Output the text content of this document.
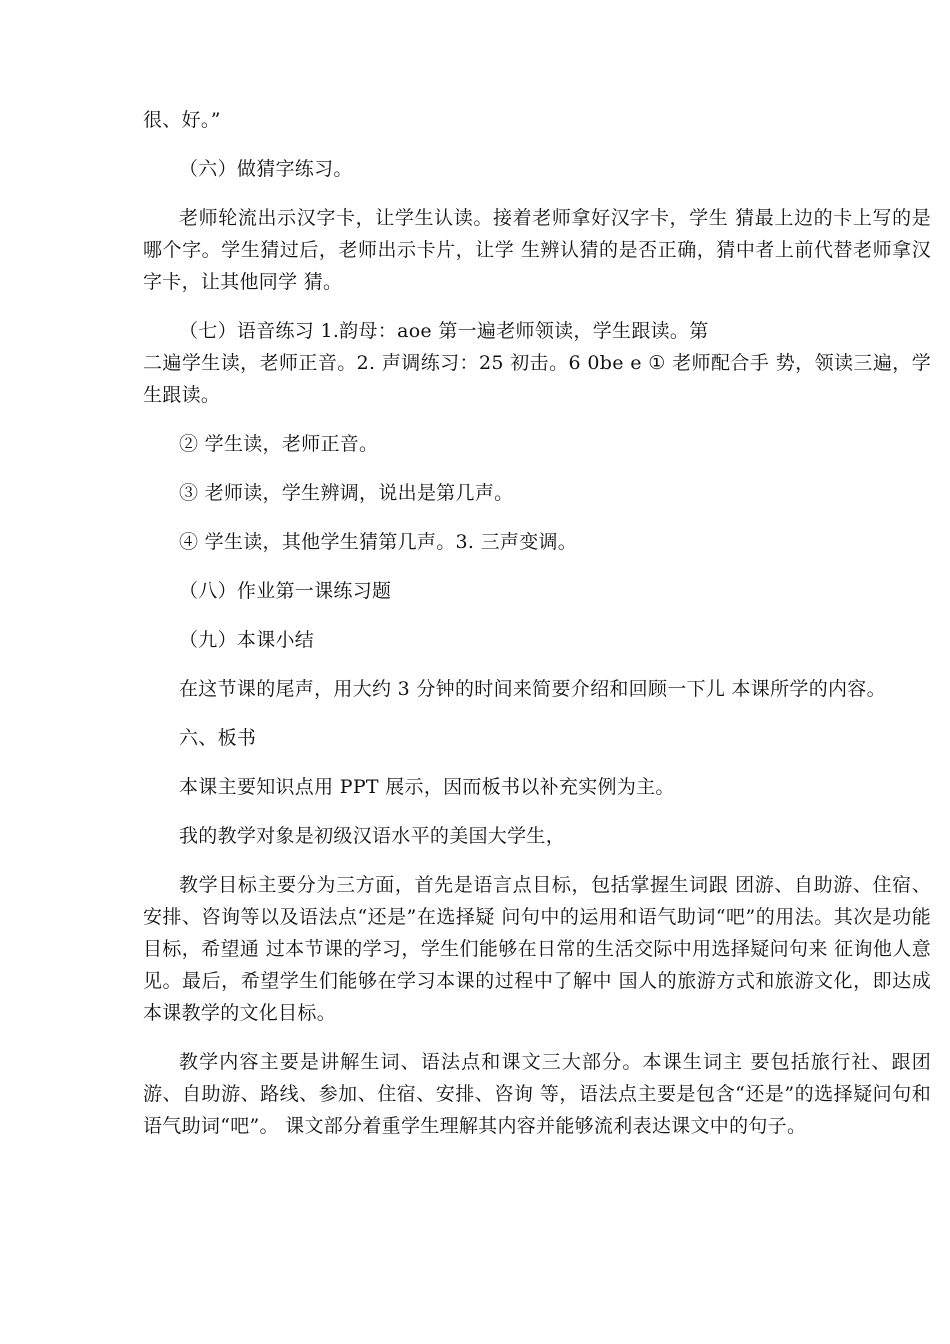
很、好。”

（六）做猜字练习。

老师轮流出示汉字卡，让学生认读。接着老师拿好汉字卡，学生 猜最上边的卡上写的是哪个字。学生猜过后，老师出示卡片，让学 生辨认猜的是否正确，猜中者上前代替老师拿汉字卡，让其他同学 猜。

（七）语音练习 1.韵母：aoe 第一遍老师领读，学生跟读。第

二遍学生读，老师正音。2. 声调练习：25 初击。6 0be e ① 老师配合手 势，领读三遍，学生跟读。

② 学生读，老师正音。

③ 老师读，学生辨调，说出是第几声。

④ 学生读，其他学生猜第几声。3. 三声变调。

（八）作业第一课练习题

（九）本课小结

在这节课的尾声，用大约 3 分钟的时间来简要介绍和回顾一下儿 本课所学的内容。

六、板书

本课主要知识点用 PPT 展示，因而板书以补充实例为主。

我的教学对象是初级汉语水平的美国大学生，

教学目标主要分为三方面，首先是语言点目标，包括掌握生词跟 团游、自助游、住宿、安排、咨询等以及语法点“还是”在选择疑 问句中的运用和语气助词“吧”的用法。其次是功能目标，希望通 过本节课的学习，学生们能够在日常的生活交际中用选择疑问句来 征询他人意见。最后，希望学生们能够在学习本课的过程中了解中 国人的旅游方式和旅游文化，即达成本课教学的文化目标。

教学内容主要是讲解生词、语法点和课文三大部分。本课生词主 要包括旅行社、跟团游、自助游、路线、参加、住宿、安排、咨询 等，语法点主要是包含“还是”的选择疑问句和语气助词“吧”。 课文部分着重学生理解其内容并能够流利表达课文中的句子。
